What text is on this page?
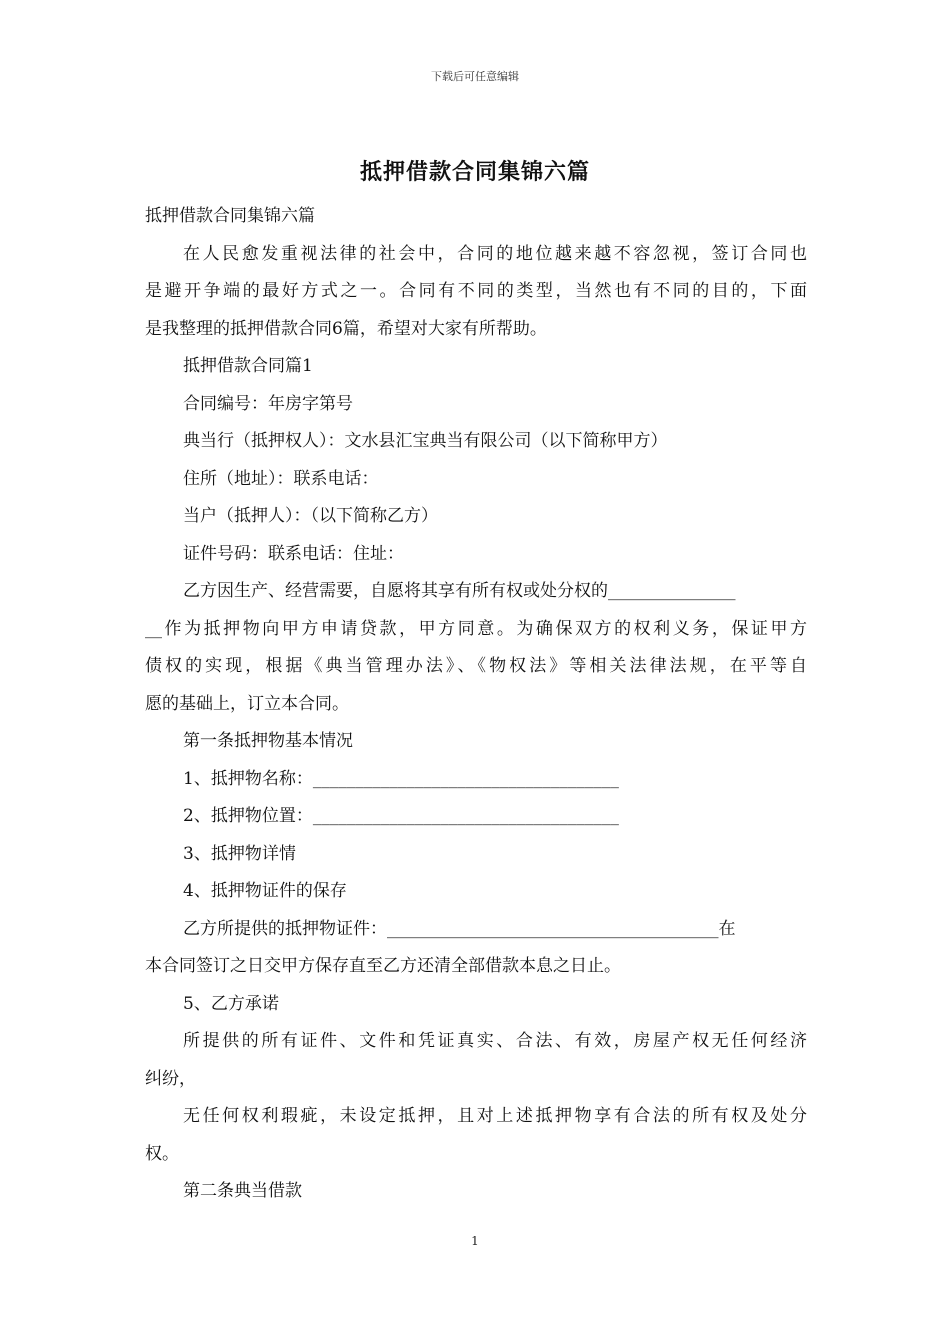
下载后可任意编辑
抵押借款合同集锦六篇
抵押借款合同集锦六篇
在人民愈发重视法律的社会中，合同的地位越来越不容忽视，签订合同也
是避开争端的最好方式之一。合同有不同的类型，当然也有不同的目的，下面
是我整理的抵押借款合同6篇，希望对大家有所帮助。
抵押借款合同篇1
合同编号：年房字第号
典当行（抵押权人）：文水县汇宝典当有限公司（以下简称甲方）
住所（地址）：联系电话：
当户（抵押人）：（以下简称乙方）
证件号码：联系电话：住址：
乙方因生产、经营需要，自愿将其享有所有权或处分权的_______________
__作为抵押物向甲方申请贷款，甲方同意。为确保双方的权利义务，保证甲方
债权的实现，根据《典当管理办法》、《物权法》等相关法律法规，在平等自
愿的基础上，订立本合同。
第一条抵押物基本情况
1、抵押物名称：____________________________________
2、抵押物位置：____________________________________
3、抵押物详情
4、抵押物证件的保存
乙方所提供的抵押物证件：_______________________________________在
本合同签订之日交甲方保存直至乙方还清全部借款本息之日止。
5、乙方承诺
所提供的所有证件、文件和凭证真实、合法、有效，房屋产权无任何经济
纠纷，
无任何权利瑕疵，未设定抵押，且对上述抵押物享有合法的所有权及处分
权。
第二条典当借款
1
